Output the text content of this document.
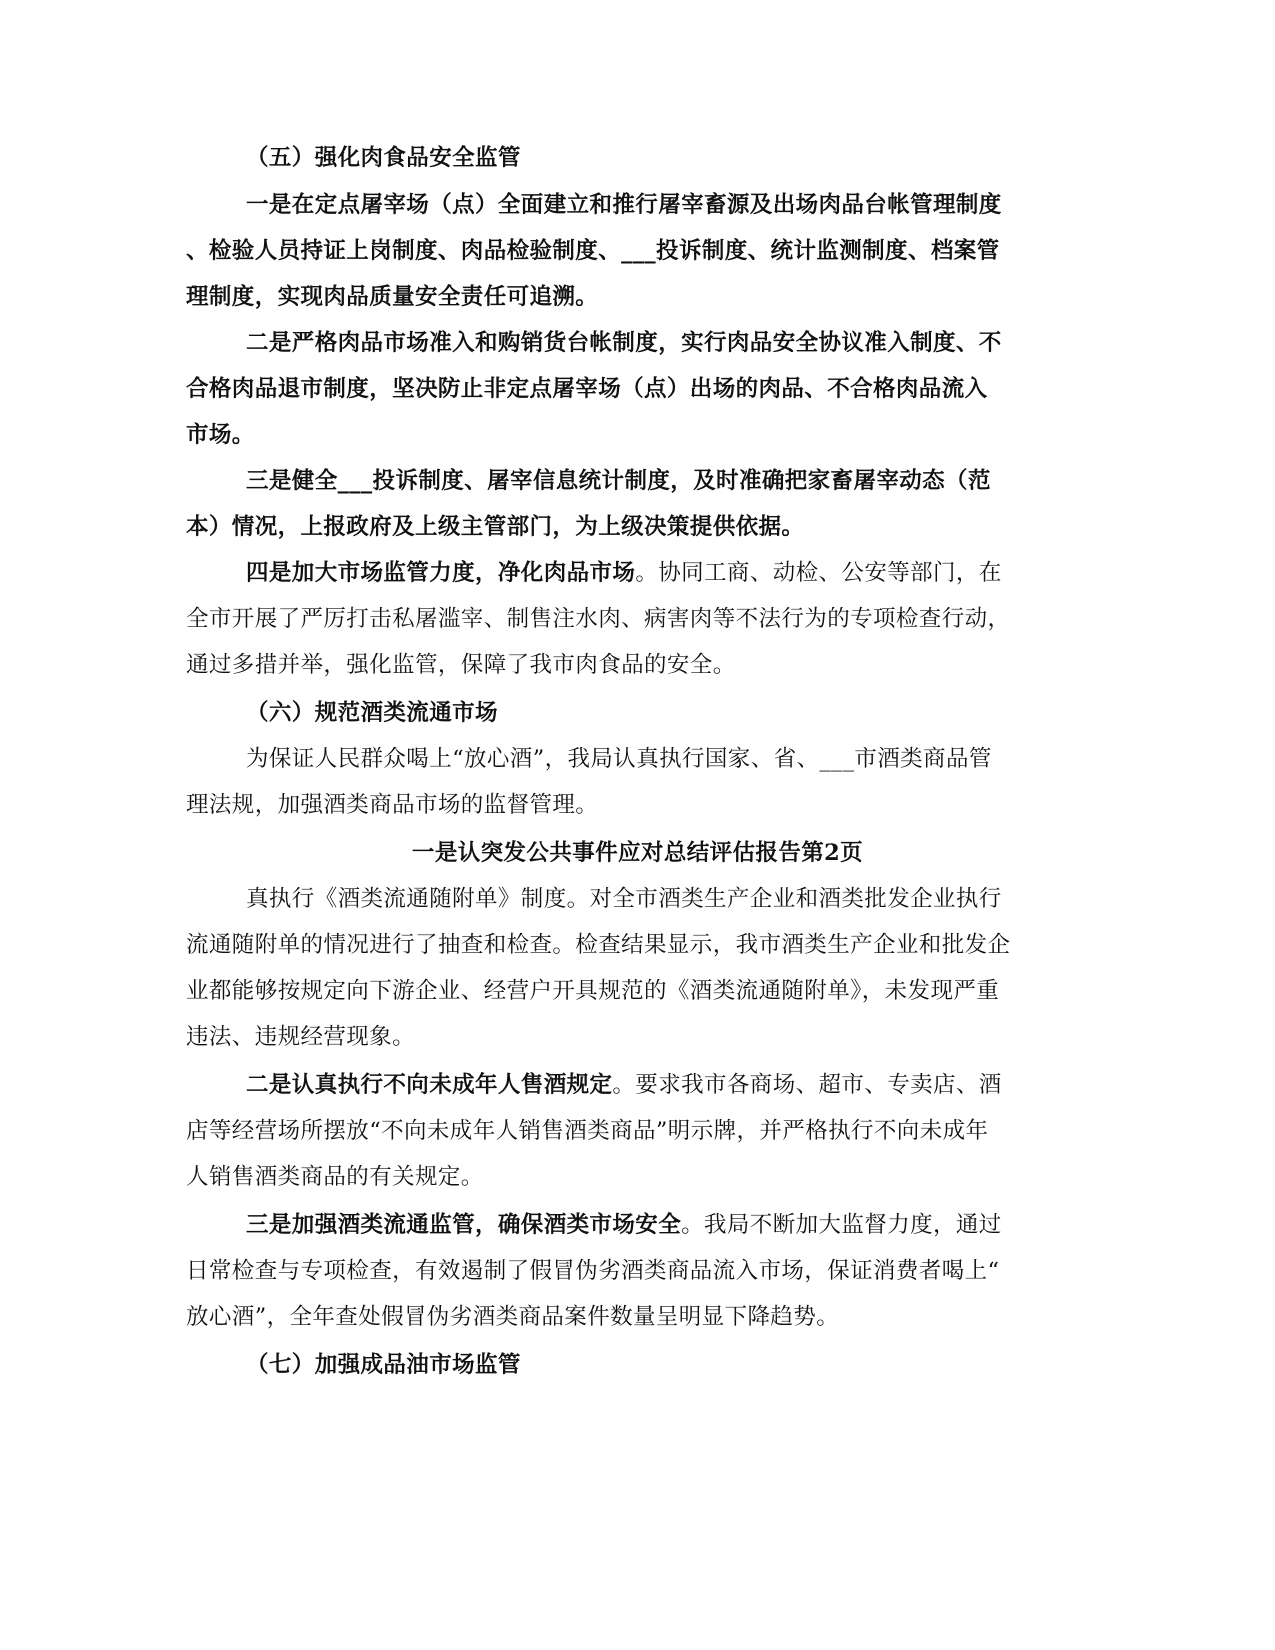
（五）强化肉食品安全监管
一是在定点屠宰场（点）全面建立和推行屠宰畜源及出场肉品台帐管理制度
、检验人员持证上岗制度、肉品检验制度、___投诉制度、统计监测制度、档案管
理制度，实现肉品质量安全责任可追溯。
二是严格肉品市场准入和购销货台帐制度，实行肉品安全协议准入制度、不
合格肉品退市制度，坚决防止非定点屠宰场（点）出场的肉品、不合格肉品流入
市场。
三是健全___投诉制度、屠宰信息统计制度，及时准确把家畜屠宰动态（范
本）情况，上报政府及上级主管部门，为上级决策提供依据。
四是加大市场监管力度，净化肉品市场。协同工商、动检、公安等部门，在
全市开展了严厉打击私屠滥宰、制售注水肉、病害肉等不法行为的专项检查行动，
通过多措并举，强化监管，保障了我市肉食品的安全。
（六）规范酒类流通市场
为保证人民群众喝上“放心酒”，我局认真执行国家、省、___市酒类商品管
理法规，加强酒类商品市场的监督管理。
一是认突发公共事件应对总结评估报告第2页
真执行《酒类流通随附单》制度。对全市酒类生产企业和酒类批发企业执行
流通随附单的情况进行了抽查和检查。检查结果显示，我市酒类生产企业和批发企
业都能够按规定向下游企业、经营户开具规范的《酒类流通随附单》，未发现严重
违法、违规经营现象。
二是认真执行不向未成年人售酒规定。要求我市各商场、超市、专卖店、酒
店等经营场所摆放“不向未成年人销售酒类商品”明示牌，并严格执行不向未成年
人销售酒类商品的有关规定。
三是加强酒类流通监管，确保酒类市场安全。我局不断加大监督力度，通过
日常检查与专项检查，有效遏制了假冒伪劣酒类商品流入市场，保证消费者喝上“
放心酒”，全年查处假冒伪劣酒类商品案件数量呈明显下降趋势。
（七）加强成品油市场监管
